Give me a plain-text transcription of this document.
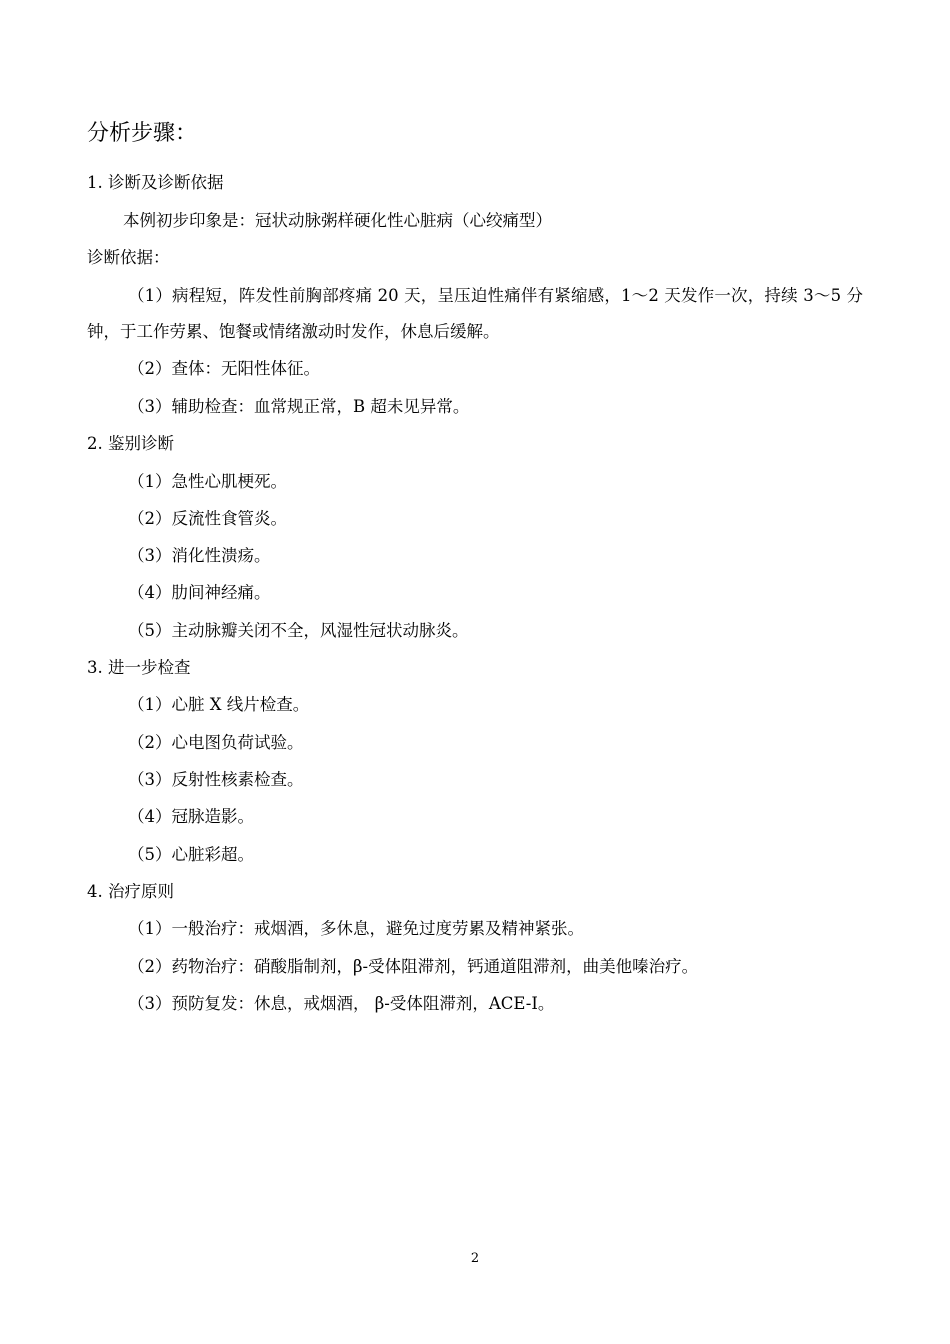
分析步骤：
1. 诊断及诊断依据
本例初步印象是：冠状动脉粥样硬化性心脏病（心绞痛型）
诊断依据：
（1）病程短，阵发性前胸部疼痛 20 天，呈压迫性痛伴有紧缩感，1～2 天发作一次，持续 3～5 分钟，于工作劳累、饱餐或情绪激动时发作，休息后缓解。
（2）查体：无阳性体征。
（3）辅助检查：血常规正常，B 超未见异常。
2. 鉴别诊断
（1）急性心肌梗死。
（2）反流性食管炎。
（3）消化性溃疡。
（4）肋间神经痛。
（5）主动脉瓣关闭不全，风湿性冠状动脉炎。
3. 进一步检查
（1）心脏 X 线片检查。
（2）心电图负荷试验。
（3）反射性核素检查。
（4）冠脉造影。
（5）心脏彩超。
4. 治疗原则
（1）一般治疗：戒烟酒，多休息，避免过度劳累及精神紧张。
（2）药物治疗：硝酸脂制剂，β-受体阻滞剂，钙通道阻滞剂，曲美他嗪治疗。
（3）预防复发：休息，戒烟酒， β-受体阻滞剂，ACE-I。
2
